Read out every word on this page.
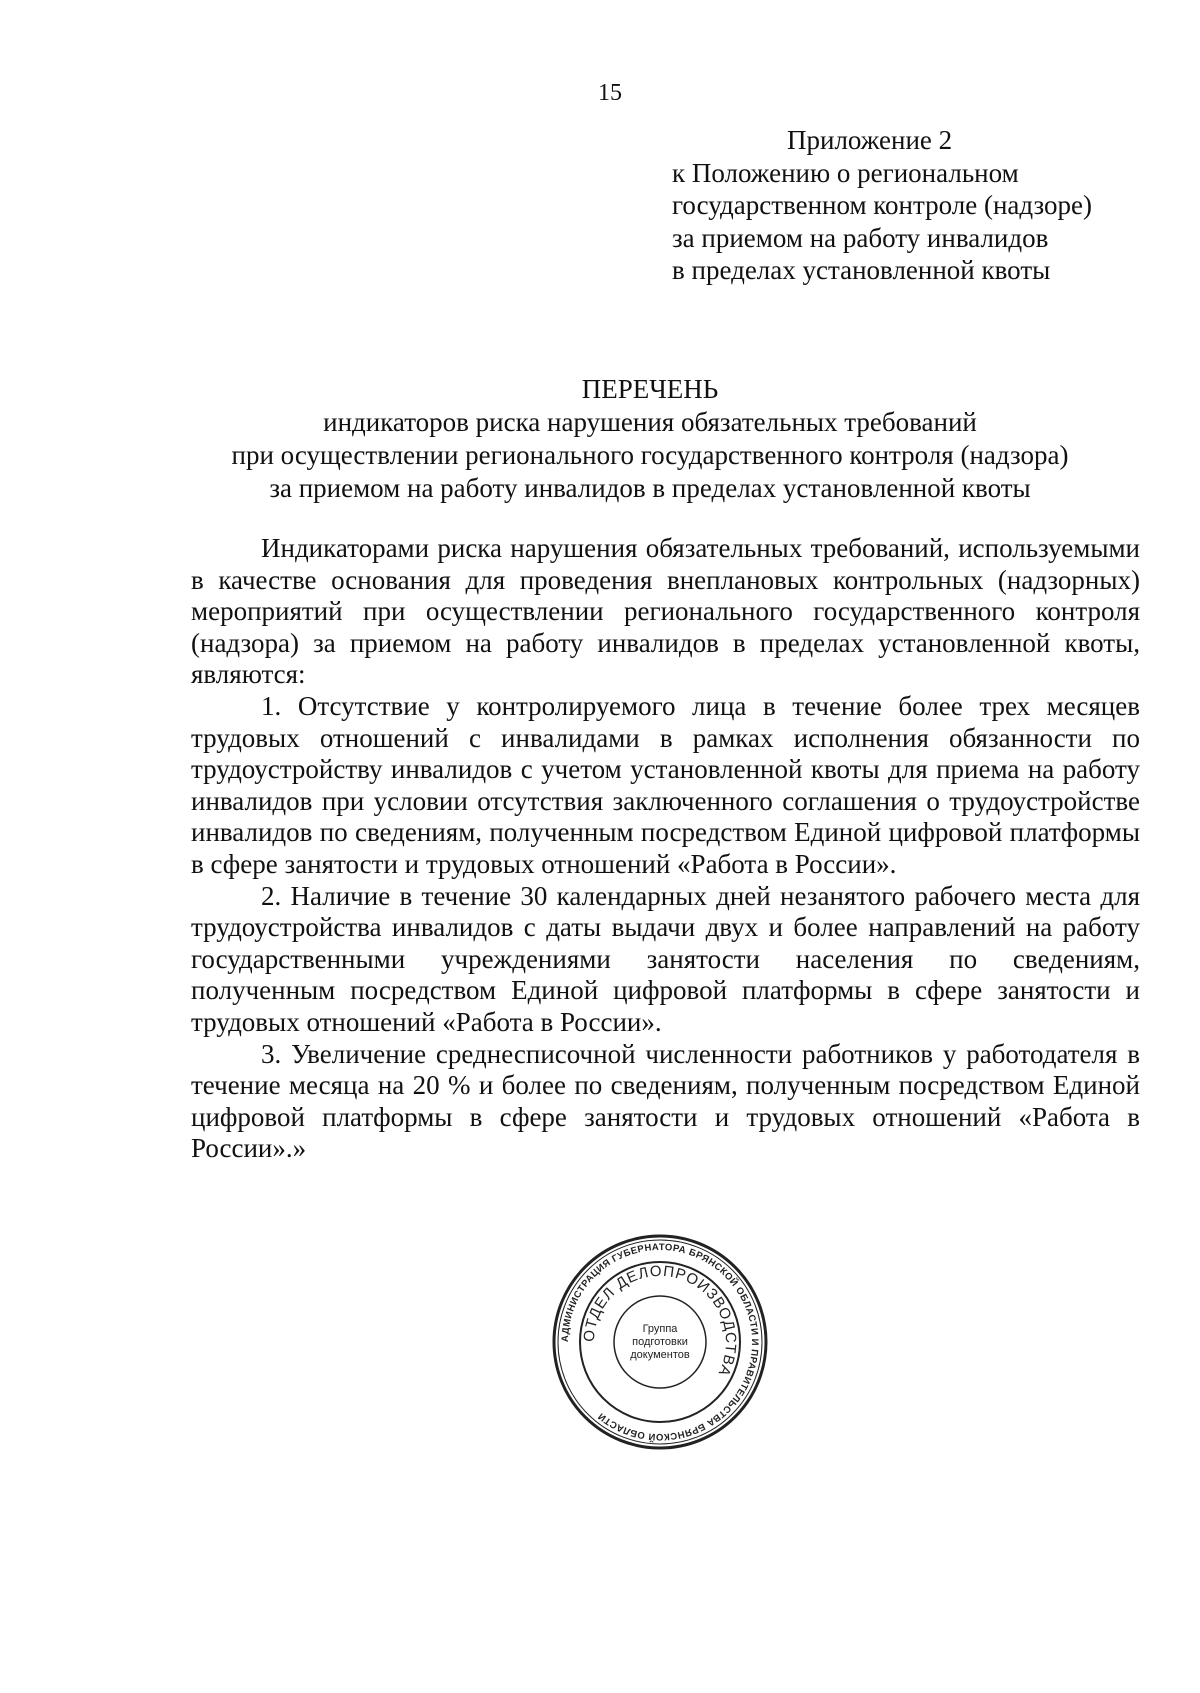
15
Приложение 2
к Положению о региональном
государственном контроле (надзоре)
за приемом на работу инвалидов
в пределах установленной квоты
ПЕРЕЧЕНЬ
индикаторов риска нарушения обязательных требований
при осуществлении регионального государственного контроля (надзора)
за приемом на работу инвалидов в пределах установленной квоты

Индикаторами риска нарушения обязательных требований, используемыми в качестве основания для проведения внеплановых контрольных (надзорных) мероприятий при осуществлении регионального государственного контроля (надзора) за приемом на работу инвалидов в пределах установленной квоты, являются:

1. Отсутствие у контролируемого лица в течение более трех месяцев трудовых отношений с инвалидами в рамках исполнения обязанности по трудоустройству инвалидов с учетом установленной квоты для приема на работу инвалидов при условии отсутствия заключенного соглашения о трудоустройстве инвалидов по сведениям, полученным посредством Единой цифровой платформы в сфере занятости и трудовых отношений «Работа в России».

2. Наличие в течение 30 календарных дней незанятого рабочего места для трудоустройства инвалидов с даты выдачи двух и более направлений на работу государственными учреждениями занятости населения по сведениям, полученным посредством Единой цифровой платформы в сфере занятости и трудовых отношений «Работа в России».

3. Увеличение среднесписочной численности работников у работодателя в течение месяца на 20 % и более по сведениям, полученным посредством Единой цифровой платформы в сфере занятости и трудовых отношений «Работа в России».»

АДМИНИСТРАЦИЯ ГУБЕРНАТОРА БРЯНСКОЙ ОБЛАСТИ И ПРАВИТЕЛЬСТВА БРЯНСКОЙ ОБЛАСТИ
ОТДЕЛ ДЕЛОПРОИЗВОДСТВА
Группа
подготовки
документов
